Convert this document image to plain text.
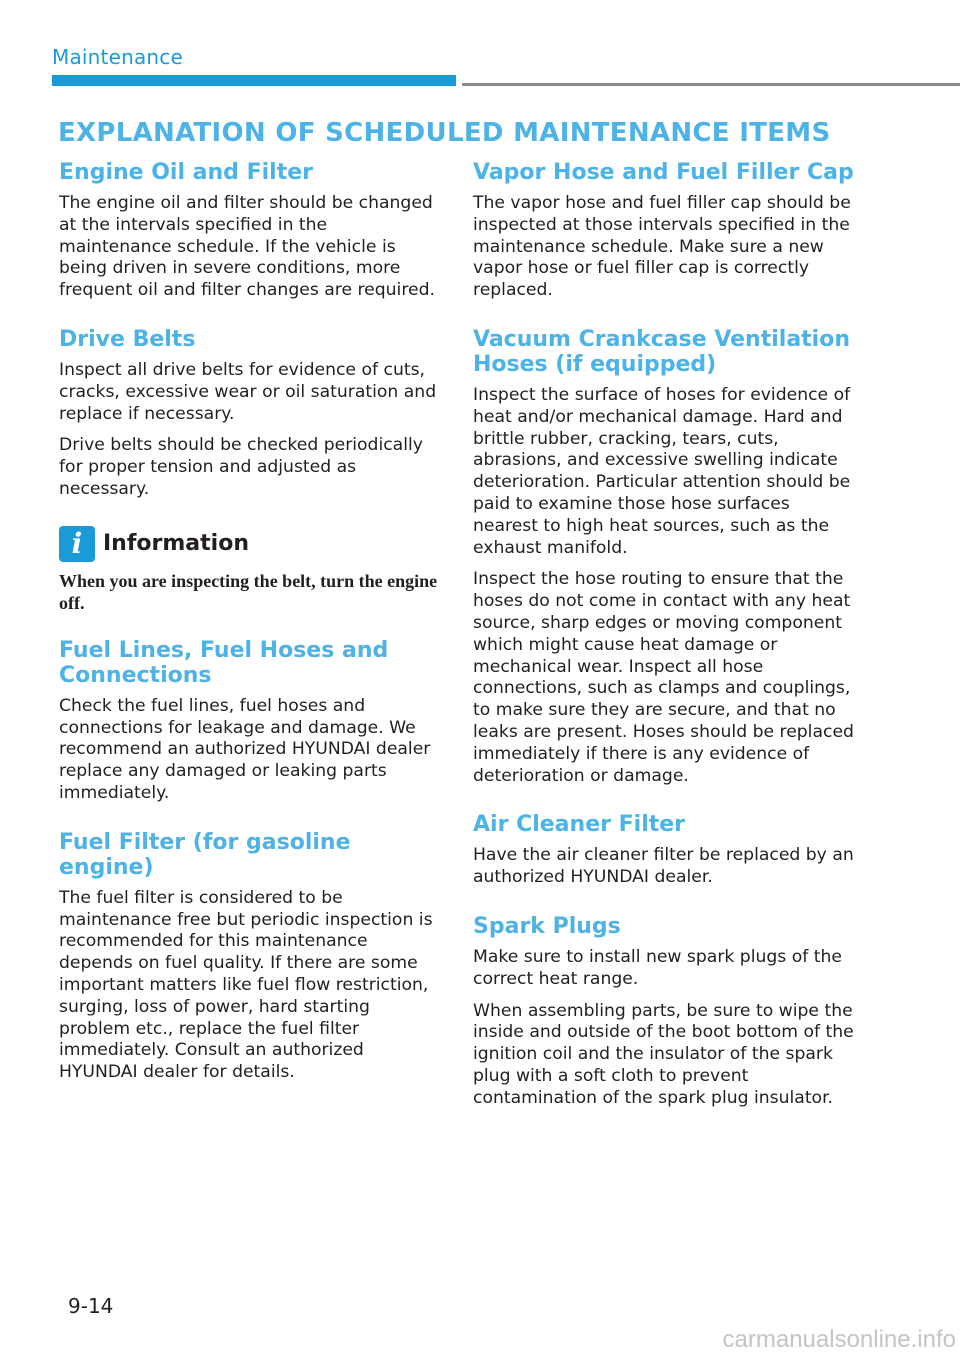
Maintenance
EXPLANATION OF SCHEDULED MAINTENANCE ITEMS
Engine Oil and Filter

The engine oil and filter should be changed at the intervals specified in the maintenance schedule. If the vehicle is being driven in severe conditions, more frequent oil and filter changes are required.

Drive Belts

Inspect all drive belts for evidence of cuts, cracks, excessive wear or oil saturation and replace if necessary.

Drive belts should be checked periodically for proper tension and adjusted as necessary.

i Information

When you are inspecting the belt, turn the engine off.

Fuel Lines, Fuel Hoses and Connections

Check the fuel lines, fuel hoses and connections for leakage and damage. We recommend an authorized HYUNDAI dealer replace any damaged or leaking parts immediately.

Fuel Filter (for gasoline engine)

The fuel filter is considered to be maintenance free but periodic inspection is recommended for this maintenance depends on fuel quality. If there are some important matters like fuel flow restriction, surging, loss of power, hard starting problem etc., replace the fuel filter immediately. Consult an authorized HYUNDAI dealer for details.

Vapor Hose and Fuel Filler Cap

The vapor hose and fuel filler cap should be inspected at those intervals specified in the maintenance schedule. Make sure a new vapor hose or fuel filler cap is correctly replaced.

Vacuum Crankcase Ventilation Hoses (if equipped)

Inspect the surface of hoses for evidence of heat and/or mechanical damage. Hard and brittle rubber, cracking, tears, cuts, abrasions, and excessive swelling indicate deterioration. Particular attention should be paid to examine those hose surfaces nearest to high heat sources, such as the exhaust manifold.

Inspect the hose routing to ensure that the hoses do not come in contact with any heat source, sharp edges or moving component which might cause heat damage or mechanical wear. Inspect all hose connections, such as clamps and couplings, to make sure they are secure, and that no leaks are present. Hoses should be replaced immediately if there is any evidence of deterioration or damage.

Air Cleaner Filter

Have the air cleaner filter be replaced by an authorized HYUNDAI dealer.

Spark Plugs

Make sure to install new spark plugs of the correct heat range.

When assembling parts, be sure to wipe the inside and outside of the boot bottom of the ignition coil and the insulator of the spark plug with a soft cloth to prevent contamination of the spark plug insulator.

9-14
carmanualsonline.info
